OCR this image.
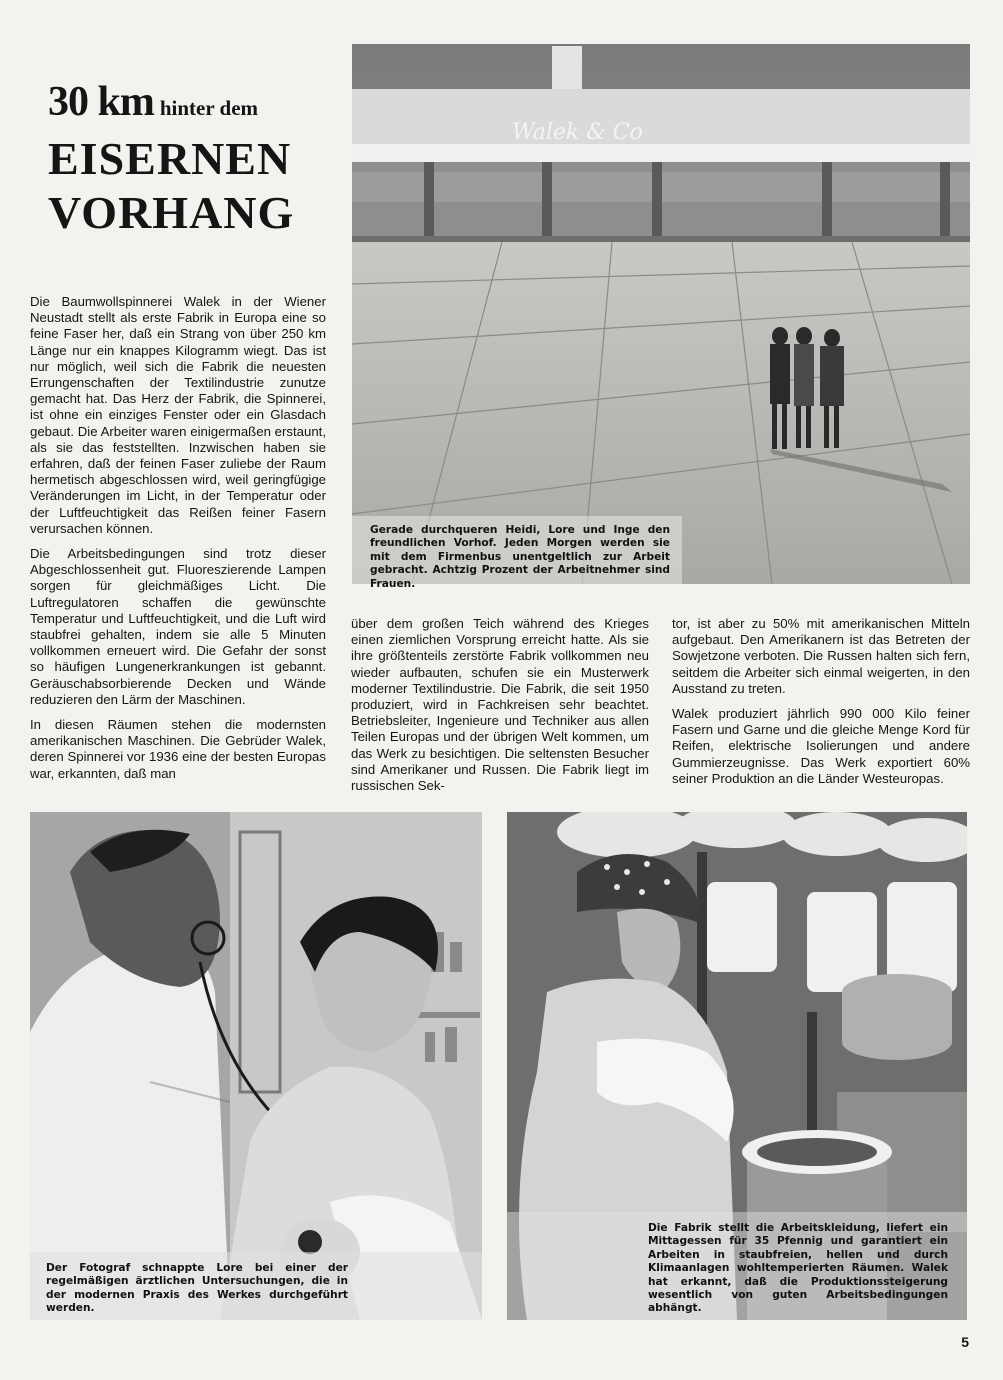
30 km hinter dem
EISERNEN
VORHANG
Walek & Co
Gerade durchqueren Heidi, Lore und Inge den freundlichen Vorhof. Jeden Morgen werden sie mit dem Firmenbus unentgeltlich zur Arbeit gebracht. Achtzig Prozent der Arbeitnehmer sind Frauen.

Die Baumwollspinnerei Walek in der Wiener Neustadt stellt als erste Fabrik in Europa eine so feine Faser her, daß ein Strang von über 250 km Länge nur ein knappes Kilogramm wiegt. Das ist nur möglich, weil sich die Fabrik die neuesten Errungenschaften der Textilindustrie zunutze gemacht hat. Das Herz der Fabrik, die Spinnerei, ist ohne ein einziges Fenster oder ein Glasdach gebaut. Die Arbeiter waren einigermaßen erstaunt, als sie das feststellten. Inzwischen haben sie erfahren, daß der feinen Faser zuliebe der Raum hermetisch abgeschlossen wird, weil geringfügige Veränderungen im Licht, in der Temperatur oder der Luftfeuchtigkeit das Reißen feiner Fasern verursachen können.

Die Arbeitsbedingungen sind trotz dieser Abgeschlossenheit gut. Fluoreszierende Lampen sorgen für gleichmäßiges Licht. Die Luftregulatoren schaffen die gewünschte Temperatur und Luftfeuchtigkeit, und die Luft wird staubfrei gehalten, indem sie alle 5 Minuten vollkommen erneuert wird. Die Gefahr der sonst so häufigen Lungenerkrankungen ist gebannt. Geräuschabsorbierende Decken und Wände reduzieren den Lärm der Maschinen.

In diesen Räumen stehen die modernsten amerikanischen Maschinen. Die Gebrüder Walek, deren Spinnerei vor 1936 eine der besten Europas war, erkannten, daß man

über dem großen Teich während des Krieges einen ziemlichen Vorsprung erreicht hatte. Als sie ihre größtenteils zerstörte Fabrik vollkommen neu wieder aufbauten, schufen sie ein Musterwerk moderner Textilindustrie. Die Fabrik, die seit 1950 produziert, wird in Fachkreisen sehr beachtet. Betriebsleiter, Ingenieure und Techniker aus allen Teilen Europas und der übrigen Welt kommen, um das Werk zu besichtigen. Die seltensten Besucher sind Amerikaner und Russen. Die Fabrik liegt im russischen Sek-

tor, ist aber zu 50% mit amerikanischen Mitteln aufgebaut. Den Amerikanern ist das Betreten der Sowjetzone verboten. Die Russen halten sich fern, seitdem die Arbeiter sich einmal weigerten, in den Ausstand zu treten.

Walek produziert jährlich 990 000 Kilo feiner Fasern und Garne und die gleiche Menge Kord für Reifen, elektrische Isolierungen und andere Gummierzeugnisse. Das Werk exportiert 60% seiner Produktion an die Länder Westeuropas.

Der Fotograf schnappte Lore bei einer der regelmäßigen ärztlichen Untersuchungen, die in der modernen Praxis des Werkes durchgeführt werden.
Die Fabrik stellt die Arbeitskleidung, liefert ein Mittagessen für 35 Pfennig und garantiert ein Arbeiten in staubfreien, hellen und durch Klimaanlagen wohltemperierten Räumen. Walek hat erkannt, daß die Produktionssteigerung wesentlich von guten Arbeitsbedingungen abhängt.
5
